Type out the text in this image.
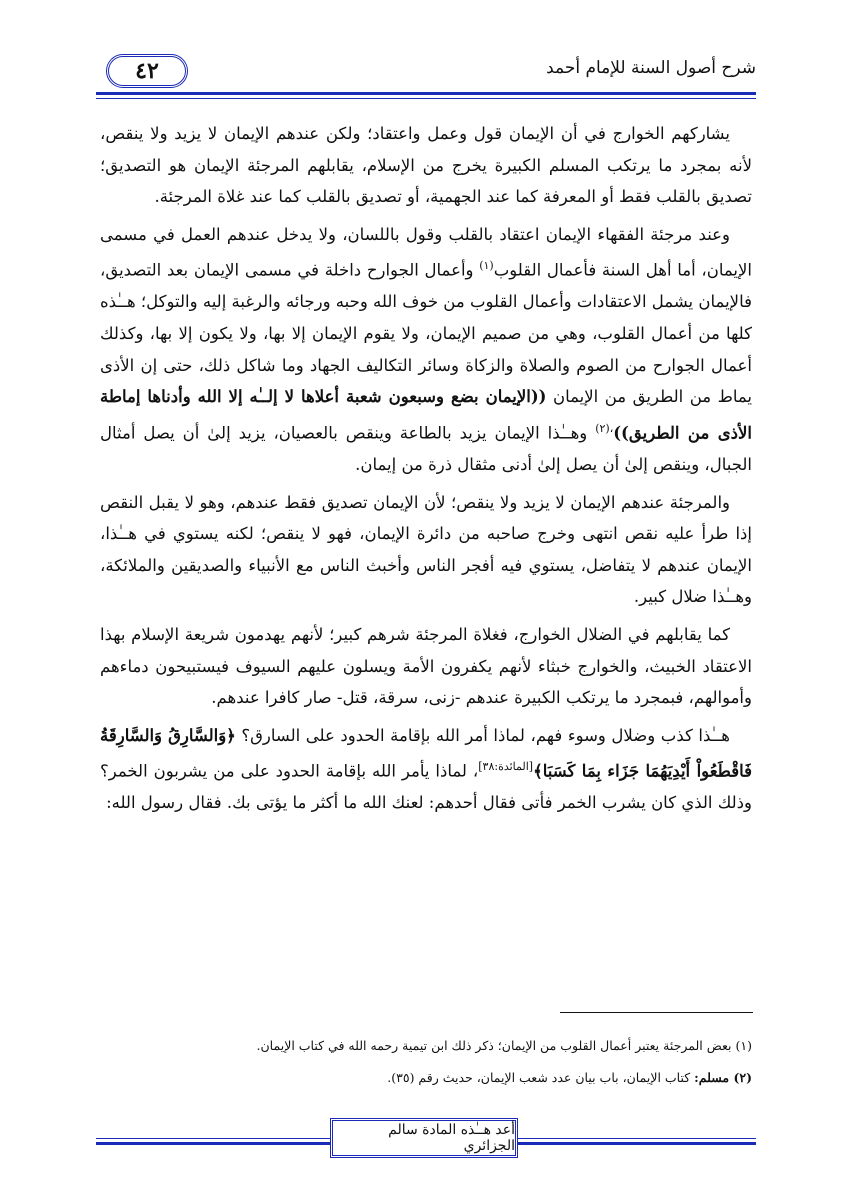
٤٢	شرح أصول السنة للإمام أحمد

يشاركهم الخوارج في أن الإيمان قول وعمل واعتقاد؛ ولكن عندهم الإيمان لا يزيد ولا ينقص، لأنه بمجرد ما يرتكب المسلم الكبيرة يخرج من الإسلام، يقابلهم المرجئة الإيمان هو التصديق؛ تصديق بالقلب فقط أو المعرفة كما عند الجهمية، أو تصديق بالقلب كما عند غلاة المرجئة.

وعند مرجئة الفقهاء الإيمان اعتقاد بالقلب وقول باللسان، ولا يدخل عندهم العمل في مسمى الإيمان، أما أهل السنة فأعمال القلوب$^{(١)}$ وأعمال الجوارح داخلة في مسمى الإيمان بعد التصديق، فالإيمان يشمل الاعتقادات وأعمال القلوب من خوف الله وحبه ورجائه والرغبة إليه والتوكل؛ هــٰذه كلها من أعمال القلوب، وهي من صميم الإيمان، ولا يقوم الإيمان إلا بها، ولا يكون إلا بها، وكذلك أعمال الجوارح من الصوم والصلاة والزكاة وسائر التكاليف الجهاد وما شاكل ذلك، حتى إن الأذى يماط من الطريق من الإيمان ((الإيمان بضع وسبعون شعبة أعلاها لا إلــٰه إلا الله وأدناها إماطة الأذى من الطريق))$^{،(٢)}$ وهــٰذا الإيمان يزيد بالطاعة وينقص بالعصيان، يزيد إلىٰ أن يصل أمثال الجبال، وينقص إلىٰ أن يصل إلىٰ أدنى مثقال ذرة من إيمان.

والمرجئة عندهم الإيمان لا يزيد ولا ينقص؛ لأن الإيمان تصديق فقط عندهم، وهو لا يقبل النقص إذا طرأ عليه نقص انتهى وخرج صاحبه من دائرة الإيمان، فهو لا ينقص؛ لكنه يستوي في هــٰذا، الإيمان عندهم لا يتفاضل، يستوي فيه أفجر الناس وأخبث الناس مع الأنبياء والصديقين والملائكة، وهــٰذا ضلال كبير.

كما يقابلهم في الضلال الخوارج، فغلاة المرجئة شرهم كبير؛ لأنهم يهدمون شريعة الإسلام بهذا الاعتقاد الخبيث، والخوارج خبثاء لأنهم يكفرون الأمة ويسلون عليهم السيوف فيستبيحون دماءهم وأموالهم، فبمجرد ما يرتكب الكبيرة عندهم -زنى، سرقة، قتل- صار كافرا عندهم.

هــٰذا كذب وضلال وسوء فهم، لماذا أمر الله بإقامة الحدود على السارق؟ ﴿وَالسَّارِقُ وَالسَّارِقَةُ فَاقْطَعُواْ أَيْدِيَهُمَا جَزَاء بِمَا كَسَبَا﴾[المائدة:٣٨]، لماذا يأمر الله بإقامة الحدود على من يشربون الخمر؟ وذلك الذي كان يشرب الخمر فأتى فقال أحدهم: لعنك الله ما أكثر ما يؤتى بك. فقال رسول الله:

(١) بعض المرجئة يعتبر أعمال القلوب من الإيمان؛ ذكر ذلك ابن تيمية رحمه الله في كتاب الإيمان.
(٢) مسلم: كتاب الإيمان، باب بيان عدد شعب الإيمان، حديث رقم (٣٥).
أعد هــٰذه المادة سالم الجزائري
